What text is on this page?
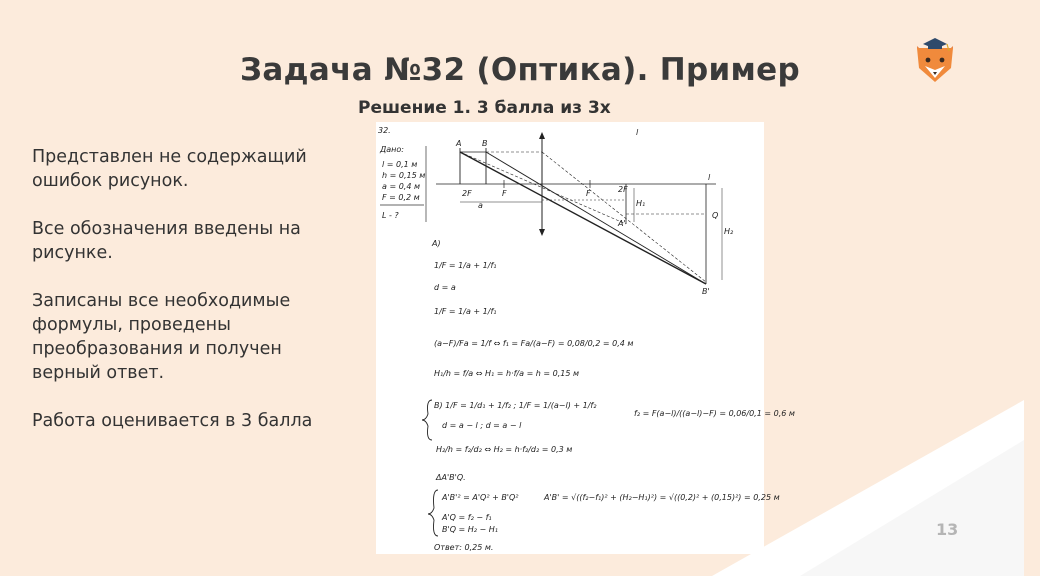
Задача №32 (Оптика). Пример
Решение 1. 3 балла из 3х

Представлен не содержащий ошибок рисунок.

Все обозначения введены на рисунке.

Записаны все необходимые формулы, проведены преобразования и получен верный ответ.

Работа оценивается в 3 балла

13
32.
Дано:
l = 0,1 м
h = 0,15 м
a = 0,4 м
F = 0,2 м
L - ?
A	B
l
l
2F	F
a
F	2F
H₁
Q
H₂
A'
B'
A)
1/F = 1/a + 1/f₁
d = a
1/F = 1/a + 1/f₁
(a−F)/Fa = 1/f ⇔ f₁ = Fa/(a−F) = 0,08/0,2 = 0,4 м
H₁/h = f/a ⇔ H₁ = h·f/a = h = 0,15 м
B) 1/F = 1/d₁ + 1/f₂ ; 1/F = 1/(a−l) + 1/f₂
d = a − l ; d = a − l
f₂ = F(a−l)/((a−l)−F) = 0,06/0,1 = 0,6 м
H₂/h = f₂/d₂ ⇔ H₂ = h·f₂/d₂ = 0,3 м
ΔA'B'Q.
A'B'² = A'Q² + B'Q²	A'B' = √((f₂−f₁)² + (H₂−H₁)²) = √((0,2)² + (0,15)²) = 0,25 м
A'Q = f₂ − f₁
B'Q = H₂ − H₁
Ответ: 0,25 м.
